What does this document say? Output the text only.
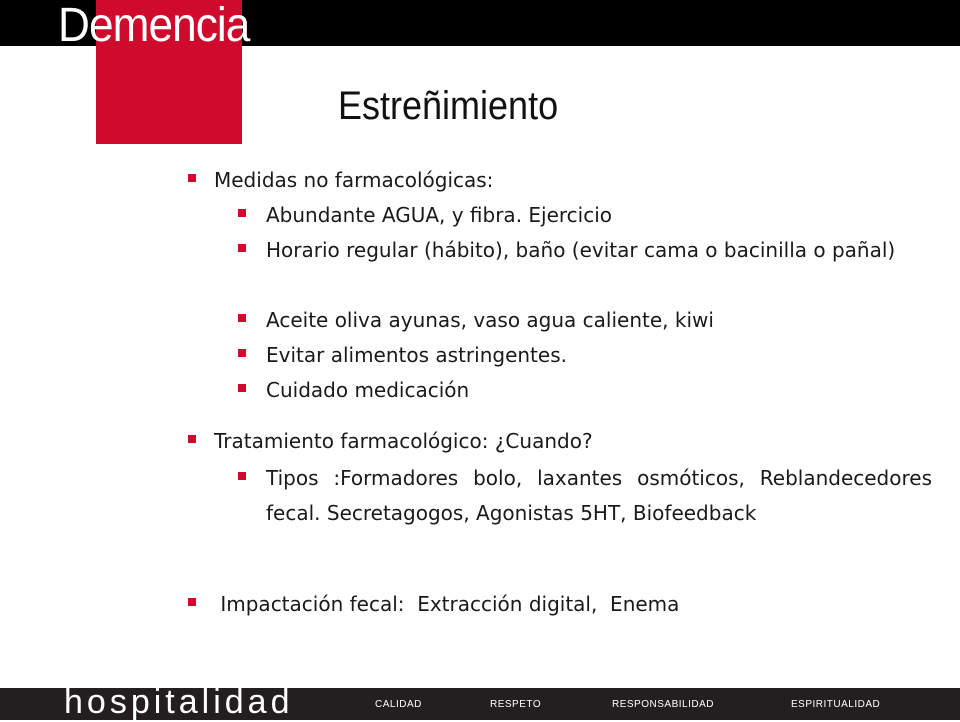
Demencia
Estreñimiento
Medidas no farmacológicas:
Abundante AGUA, y fibra. Ejercicio
Horario regular (hábito), baño (evitar cama o bacinilla o pañal)
Aceite oliva ayunas, vaso agua caliente, kiwi
Evitar alimentos astringentes.
Cuidado medicación
Tratamiento farmacológico: ¿Cuando?
Tipos :Formadores bolo, laxantes osmóticos, Reblandecedores fecal. Secretagogos, Agonistas 5HT, Biofeedback
Impactación fecal:  Extracción digital,  Enema
hospitalidad	CALIDAD	RESPETO	RESPONSABILIDAD	ESPIRITUALIDAD
